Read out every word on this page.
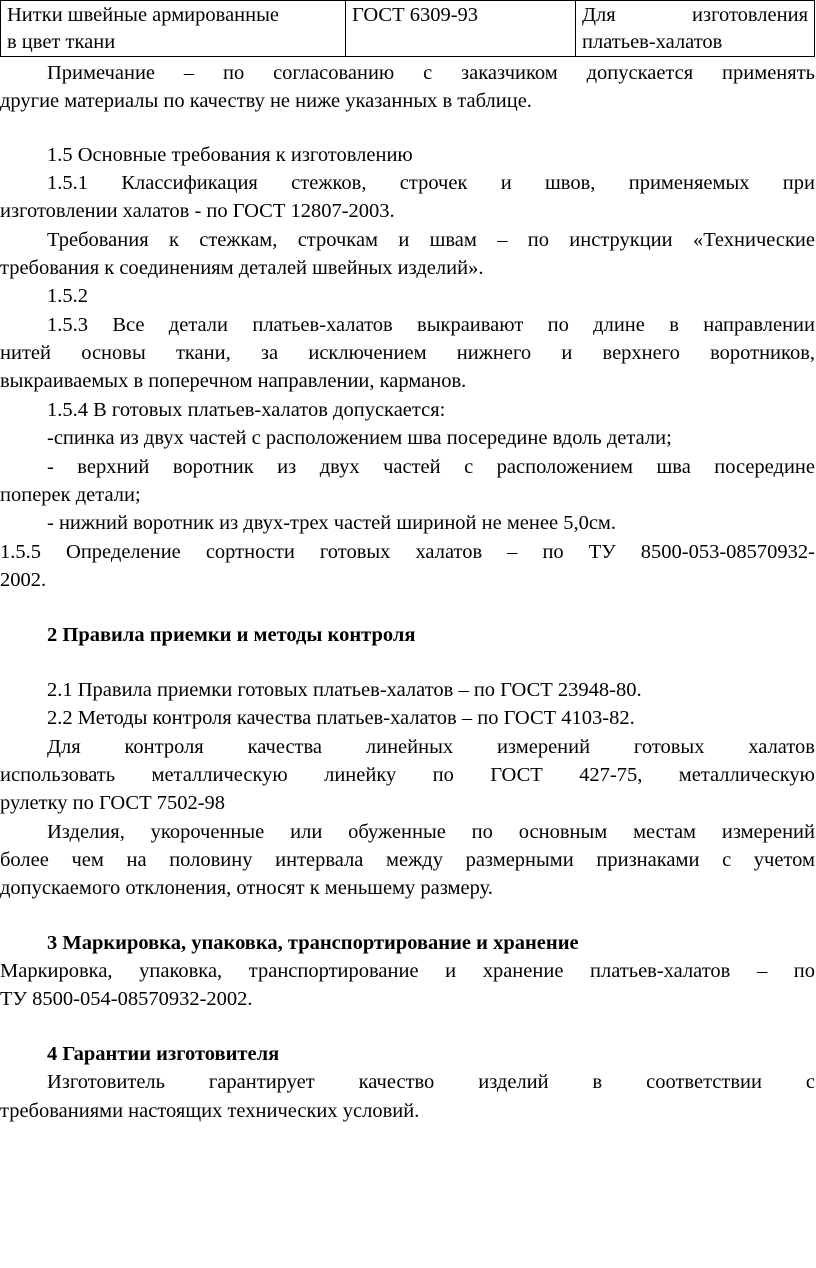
Нитки швейные армированные
в цвет ткани	ГОСТ 6309-93	Для изготовления
платьев-халатов
Примечание – по согласованию с заказчиком допускается применять
другие материалы по качеству не ниже указанных в таблице.
1.5 Основные требования к изготовлению
1.5.1 Классификация стежков, строчек и швов, применяемых при
изготовлении халатов - по ГОСТ 12807-2003.
Требования к стежкам, строчкам и швам – по инструкции «Технические
требования к соединениям деталей швейных изделий».
1.5.2
1.5.3 Все детали платьев-халатов выкраивают по длине в направлении
нитей основы ткани, за исключением нижнего и верхнего воротников,
выкраиваемых в поперечном направлении, карманов.
1.5.4 В готовых платьев-халатов допускается:
-спинка из двух частей с расположением шва посередине вдоль детали;
- верхний воротник из двух частей с расположением шва посередине
поперек детали;
- нижний воротник из двух-трех частей шириной не менее 5,0см.
1.5.5 Определение сортности готовых халатов – по ТУ 8500-053-08570932-
2002.
2 Правила приемки и методы контроля
2.1 Правила приемки готовых платьев-халатов – по ГОСТ 23948-80.
2.2 Методы контроля качества платьев-халатов – по ГОСТ 4103-82.
Для контроля качества линейных измерений готовых халатов
использовать металлическую линейку по ГОСТ 427-75, металлическую
рулетку по ГОСТ 7502-98
Изделия, укороченные или обуженные по основным местам измерений
более чем на половину интервала между размерными признаками с учетом
допускаемого отклонения, относят к меньшему размеру.
3 Маркировка, упаковка, транспортирование и хранение
Маркировка, упаковка, транспортирование и хранение платьев-халатов – по
ТУ 8500-054-08570932-2002.
4 Гарантии изготовителя
Изготовитель гарантирует качество изделий в соответствии с
требованиями настоящих технических условий.
